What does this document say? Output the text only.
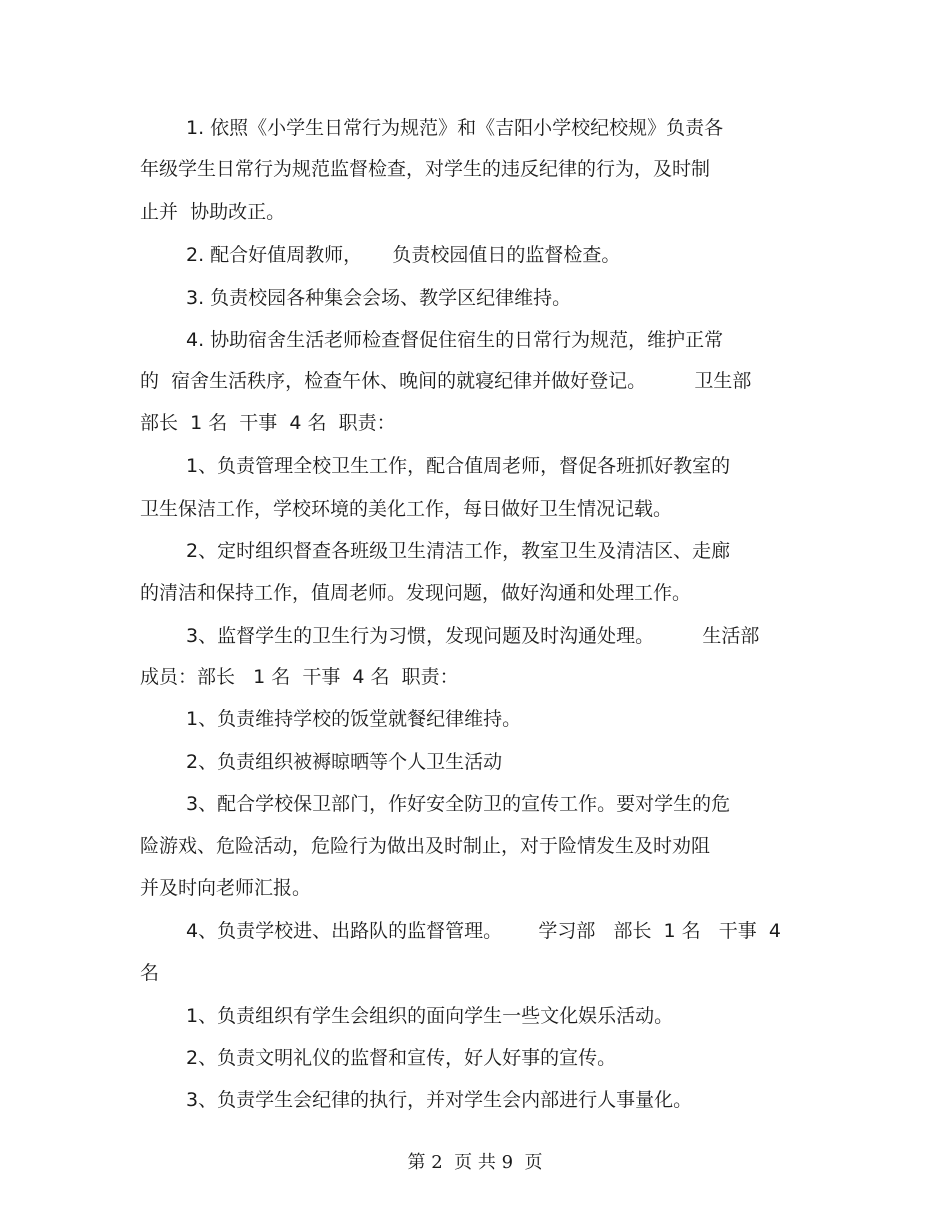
1. 依照《小学生日常行为规范》和《吉阳小学校纪校规》负责各
年级学生日常行为规范监督检查，对学生的违反纪律的行为，及时制
止并  协助改正。
2. 配合好值周教师，     负责校园值日的监督检查。
3. 负责校园各种集会会场、教学区纪律维持。
4. 协助宿舍生活老师检查督促住宿生的日常行为规范，维护正常
的  宿舍生活秩序，检查午休、晚间的就寝纪律并做好登记。        卫生部
部长  1 名  干事  4 名  职责：
1、负责管理全校卫生工作，配合值周老师，督促各班抓好教室的
卫生保洁工作，学校环境的美化工作，每日做好卫生情况记载。
2、定时组织督查各班级卫生清洁工作，教室卫生及清洁区、走廊
的清洁和保持工作，值周老师。发现问题，做好沟通和处理工作。
3、监督学生的卫生行为习惯，发现问题及时沟通处理。        生活部
成员：部长   1 名  干事  4 名  职责：
1、负责维持学校的饭堂就餐纪律维持。
2、负责组织被褥晾晒等个人卫生活动
3、配合学校保卫部门，作好安全防卫的宣传工作。要对学生的危
险游戏、危险活动，危险行为做出及时制止，对于险情发生及时劝阻
并及时向老师汇报。
4、负责学校进、出路队的监督管理。      学习部   部长  1 名   干事  4
名
1、负责组织有学生会组织的面向学生一些文化娱乐活动。
2、负责文明礼仪的监督和宣传，好人好事的宣传。
3、负责学生会纪律的执行，并对学生会内部进行人事量化。
第 2  页 共 9  页
